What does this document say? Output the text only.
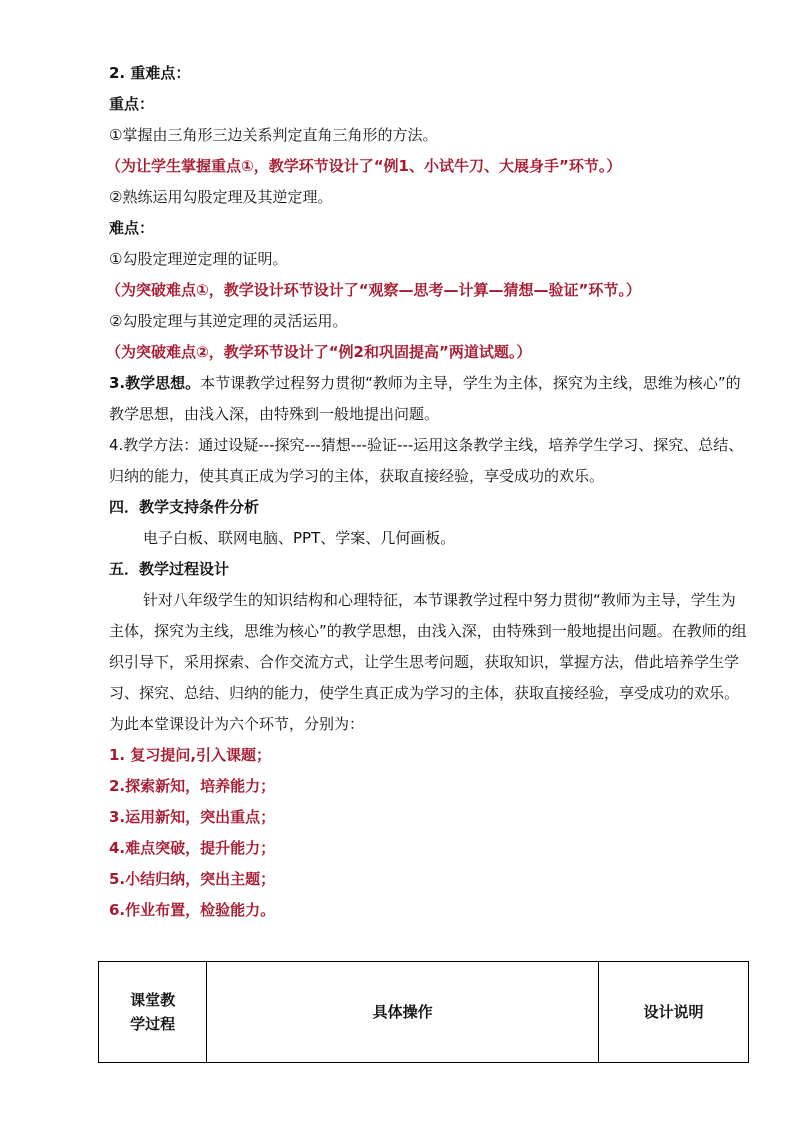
2. 重难点：
重点：
①掌握由三角形三边关系判定直角三角形的方法。
（为让学生掌握重点①，教学环节设计了“例1、小试牛刀、大展身手”环节。）
②熟练运用勾股定理及其逆定理。
难点：
①勾股定理逆定理的证明。
（为突破难点①，教学设计环节设计了“观察—思考—计算—猜想—验证”环节。）
②勾股定理与其逆定理的灵活运用。
（为突破难点②，教学环节设计了“例2和巩固提高”两道试题。）
3.教学思想。本节课教学过程努力贯彻“教师为主导，学生为主体，探究为主线，思维为核心”的教学思想，由浅入深，由特殊到一般地提出问题。
4.教学方法：通过设疑---探究---猜想---验证---运用这条教学主线，培养学生学习、探究、总结、归纳的能力，使其真正成为学习的主体，获取直接经验，享受成功的欢乐。
四．教学支持条件分析
电子白板、联网电脑、PPT、学案、几何画板。
五．教学过程设计
针对八年级学生的知识结构和心理特征，本节课教学过程中努力贯彻“教师为主导，学生为主体，探究为主线，思维为核心”的教学思想，由浅入深，由特殊到一般地提出问题。在教师的组织引导下，采用探索、合作交流方式，让学生思考问题，获取知识，掌握方法，借此培养学生学习、探究、总结、归纳的能力，使学生真正成为学习的主体，获取直接经验，享受成功的欢乐。为此本堂课设计为六个环节，分别为：
1. 复习提问,引入课题；
2.探索新知，培养能力；
3.运用新知，突出重点；
4.难点突破，提升能力；
5.小结归纳，突出主题；
6.作业布置，检验能力。
课堂教学过程	具体操作	设计说明
